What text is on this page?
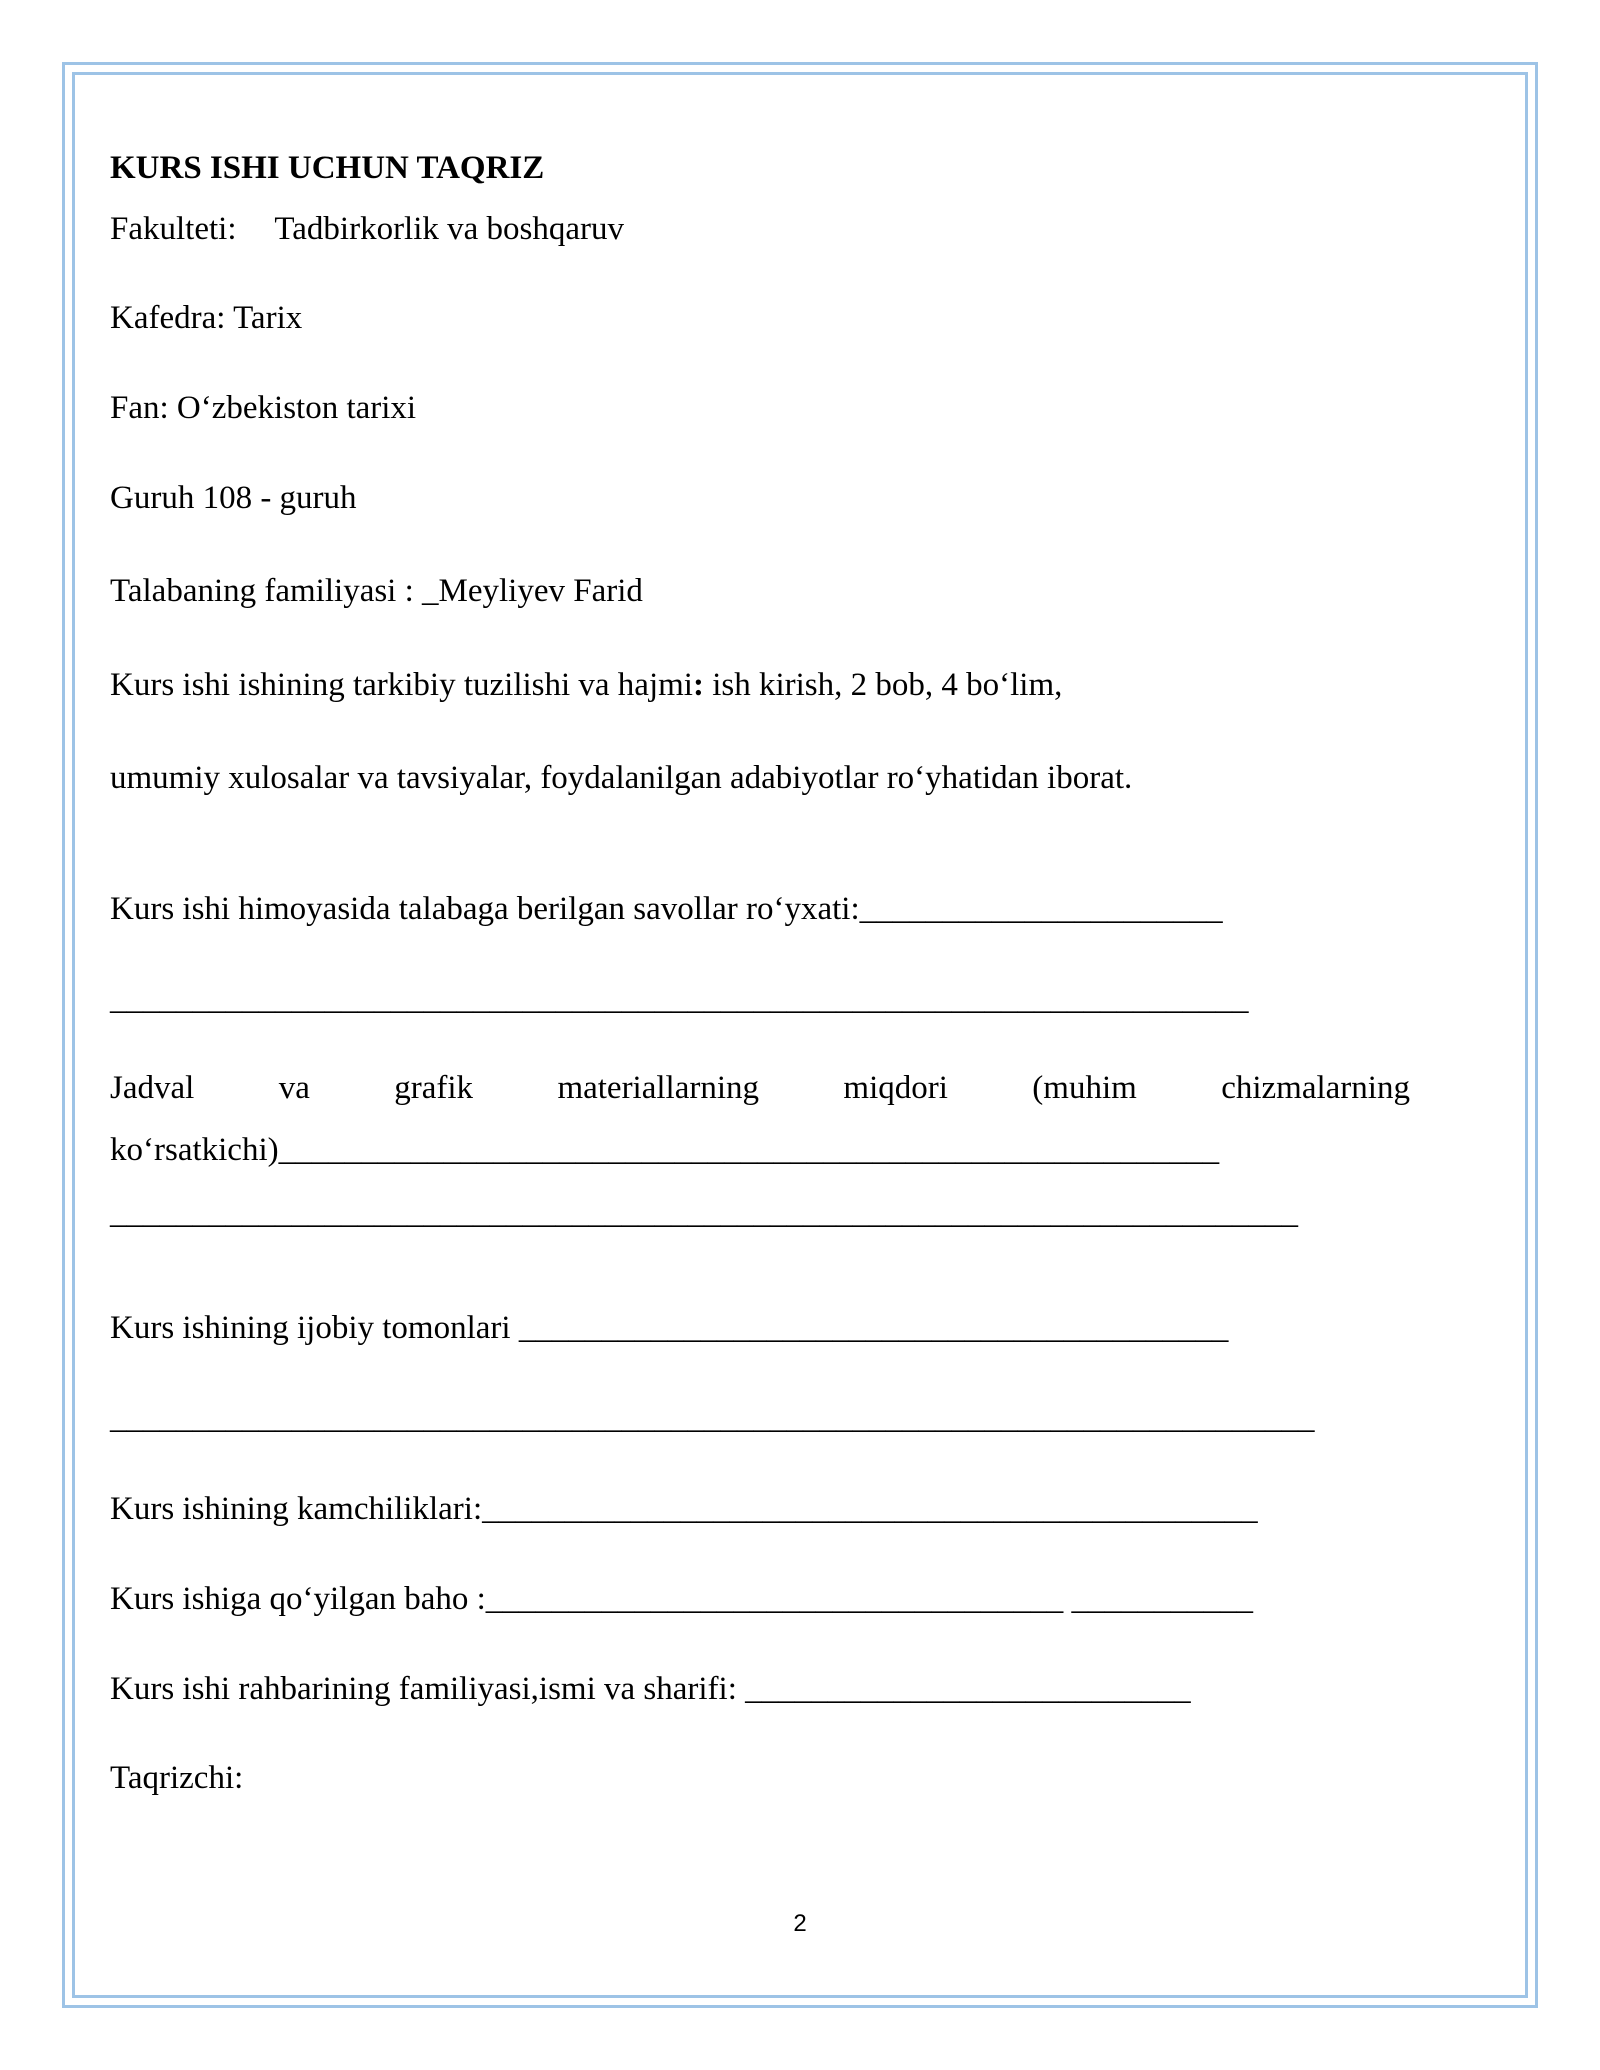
KURS ISHI UCHUN TAQRIZ
Fakulteti: Tadbirkorlik va boshqaruv
Kafedra: Tarix
Fan: O‘zbekiston tarixi
Guruh 108 - guruh
Talabaning familiyasi : _Meyliyev Farid
Kurs ishi ishining tarkibiy tuzilishi va hajmi: ish kirish, 2 bob, 4 bo‘lim,
umumiy xulosalar va tavsiyalar, foydalanilgan adabiyotlar ro‘yhatidan iborat.
Kurs ishi himoyasida talabaga berilgan savollar ro‘yxati:______________________
_____________________________________________________________________
Jadval	va	grafik	materiallarning	miqdori	(muhim	chizmalarning
ko‘rsatkichi)_________________________________________________________
________________________________________________________________________
Kurs ishining ijobiy tomonlari ___________________________________________
_________________________________________________________________________
Kurs ishining kamchiliklari:_______________________________________________
Kurs ishiga qo‘yilgan baho :___________________________________ ___________
Kurs ishi rahbarining familiyasi,ismi va sharifi: ___________________________
Taqrizchi:
2
